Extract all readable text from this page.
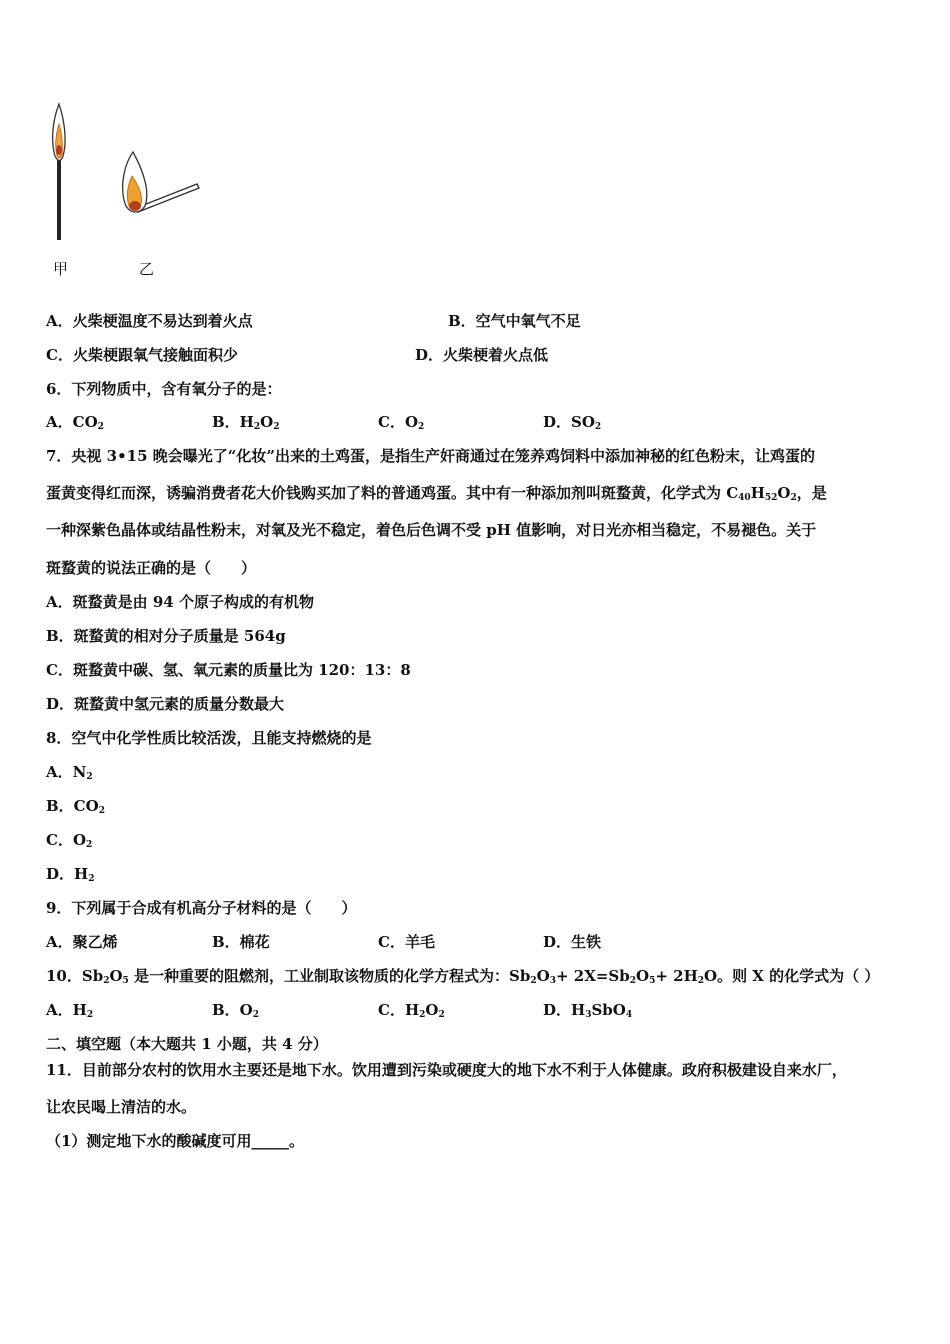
甲	乙
A．火柴梗温度不易达到着火点	B．空气中氧气不足
C．火柴梗跟氧气接触面积少	D．火柴梗着火点低
6．下列物质中，含有氧分子的是：
A．$CO_2$	B．$H_2O_2$	C．$O_2$	D．$SO_2$
7．央视 3•15 晚会曝光了“化妆”出来的土鸡蛋，是指生产奸商通过在笼养鸡饲料中添加神秘的红色粉末，让鸡蛋的
蛋黄变得红而深，诱骗消费者花大价钱购买加了料的普通鸡蛋。其中有一种添加剂叫斑蝥黄，化学式为 $C_{40}H_{52}O_2$，是
一种深紫色晶体或结晶性粉末，对氧及光不稳定，着色后色调不受 pH 值影响，对日光亦相当稳定，不易褪色。关于
斑蝥黄的说法正确的是（　　）
A．斑蝥黄是由 94 个原子构成的有机物
B．斑蝥黄的相对分子质量是 564g
C．斑蝥黄中碳、氢、氧元素的质量比为 120：13：8
D．斑蝥黄中氢元素的质量分数最大
8．空气中化学性质比较活泼，且能支持燃烧的是
A．$N_2$
B．$CO_2$
C．$O_2$
D．$H_2$
9．下列属于合成有机高分子材料的是（　　）
A．聚乙烯	B．棉花	C．羊毛	D．生铁
10．$Sb_2O_5$ 是一种重要的阻燃剂，工业制取该物质的化学方程式为：$Sb_2O_3+ 2X=Sb_2O_5+ 2H_2O$。则 X 的化学式为（ ）
A．$H_2$	B．$O_2$	C．$H_2O_2$	D．$H_3SbO_4$
二、填空题（本大题共 1 小题，共 4 分）
11．目前部分农村的饮用水主要还是地下水。饮用遭到污染或硬度大的地下水不利于人体健康。政府积极建设自来水厂，
让农民喝上清洁的水。
（1）测定地下水的酸碱度可用_____。
